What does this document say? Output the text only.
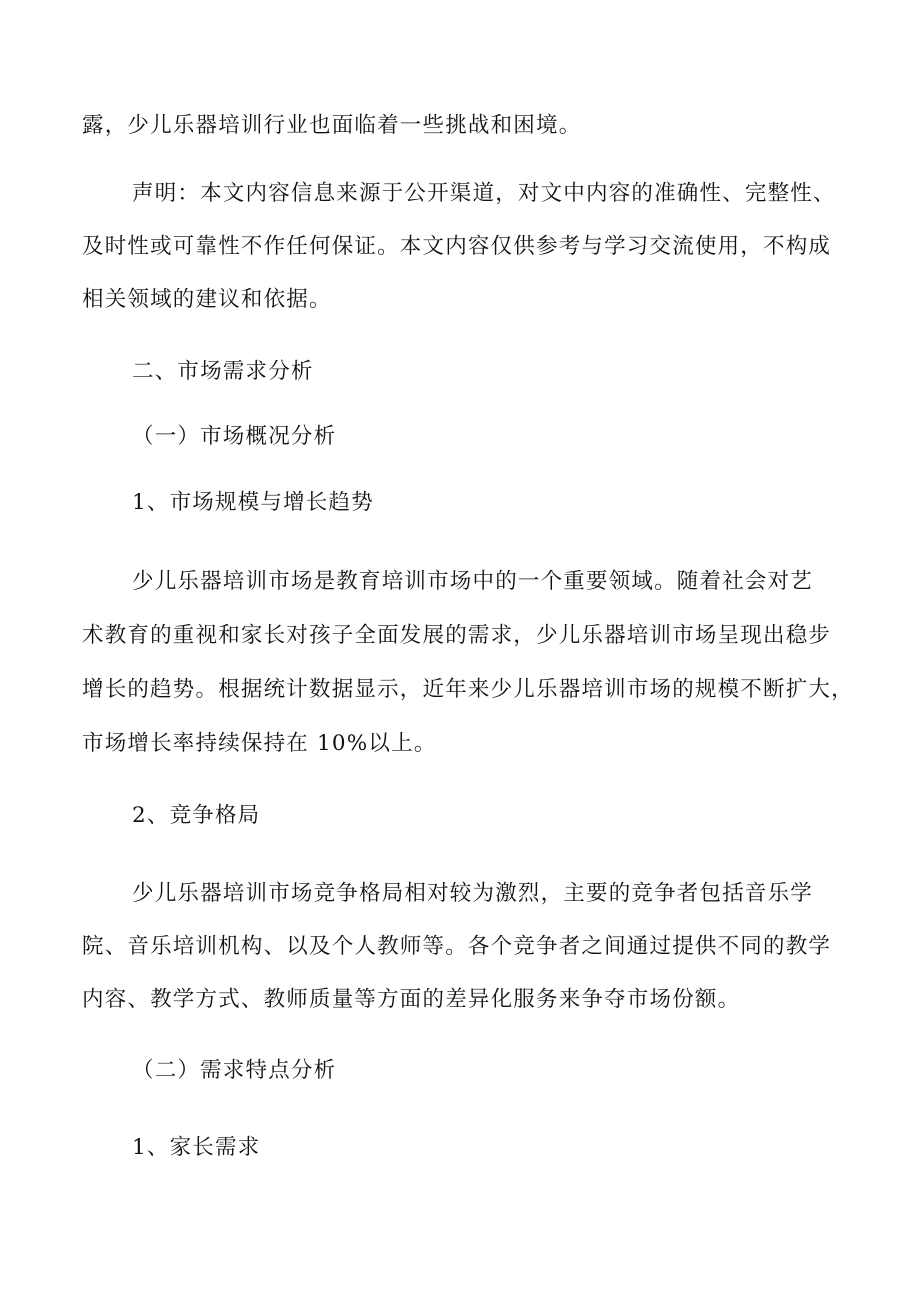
露，少儿乐器培训行业也面临着一些挑战和困境。
声明：本文内容信息来源于公开渠道，对文中内容的准确性、完整性、
及时性或可靠性不作任何保证。本文内容仅供参考与学习交流使用，不构成
相关领域的建议和依据。
二、市场需求分析
（一）市场概况分析
1、市场规模与增长趋势
少儿乐器培训市场是教育培训市场中的一个重要领域。随着社会对艺
术教育的重视和家长对孩子全面发展的需求，少儿乐器培训市场呈现出稳步
增长的趋势。根据统计数据显示，近年来少儿乐器培训市场的规模不断扩大，
市场增长率持续保持在 10%以上。
2、竞争格局
少儿乐器培训市场竞争格局相对较为激烈，主要的竞争者包括音乐学
院、音乐培训机构、以及个人教师等。各个竞争者之间通过提供不同的教学
内容、教学方式、教师质量等方面的差异化服务来争夺市场份额。
（二）需求特点分析
1、家长需求
